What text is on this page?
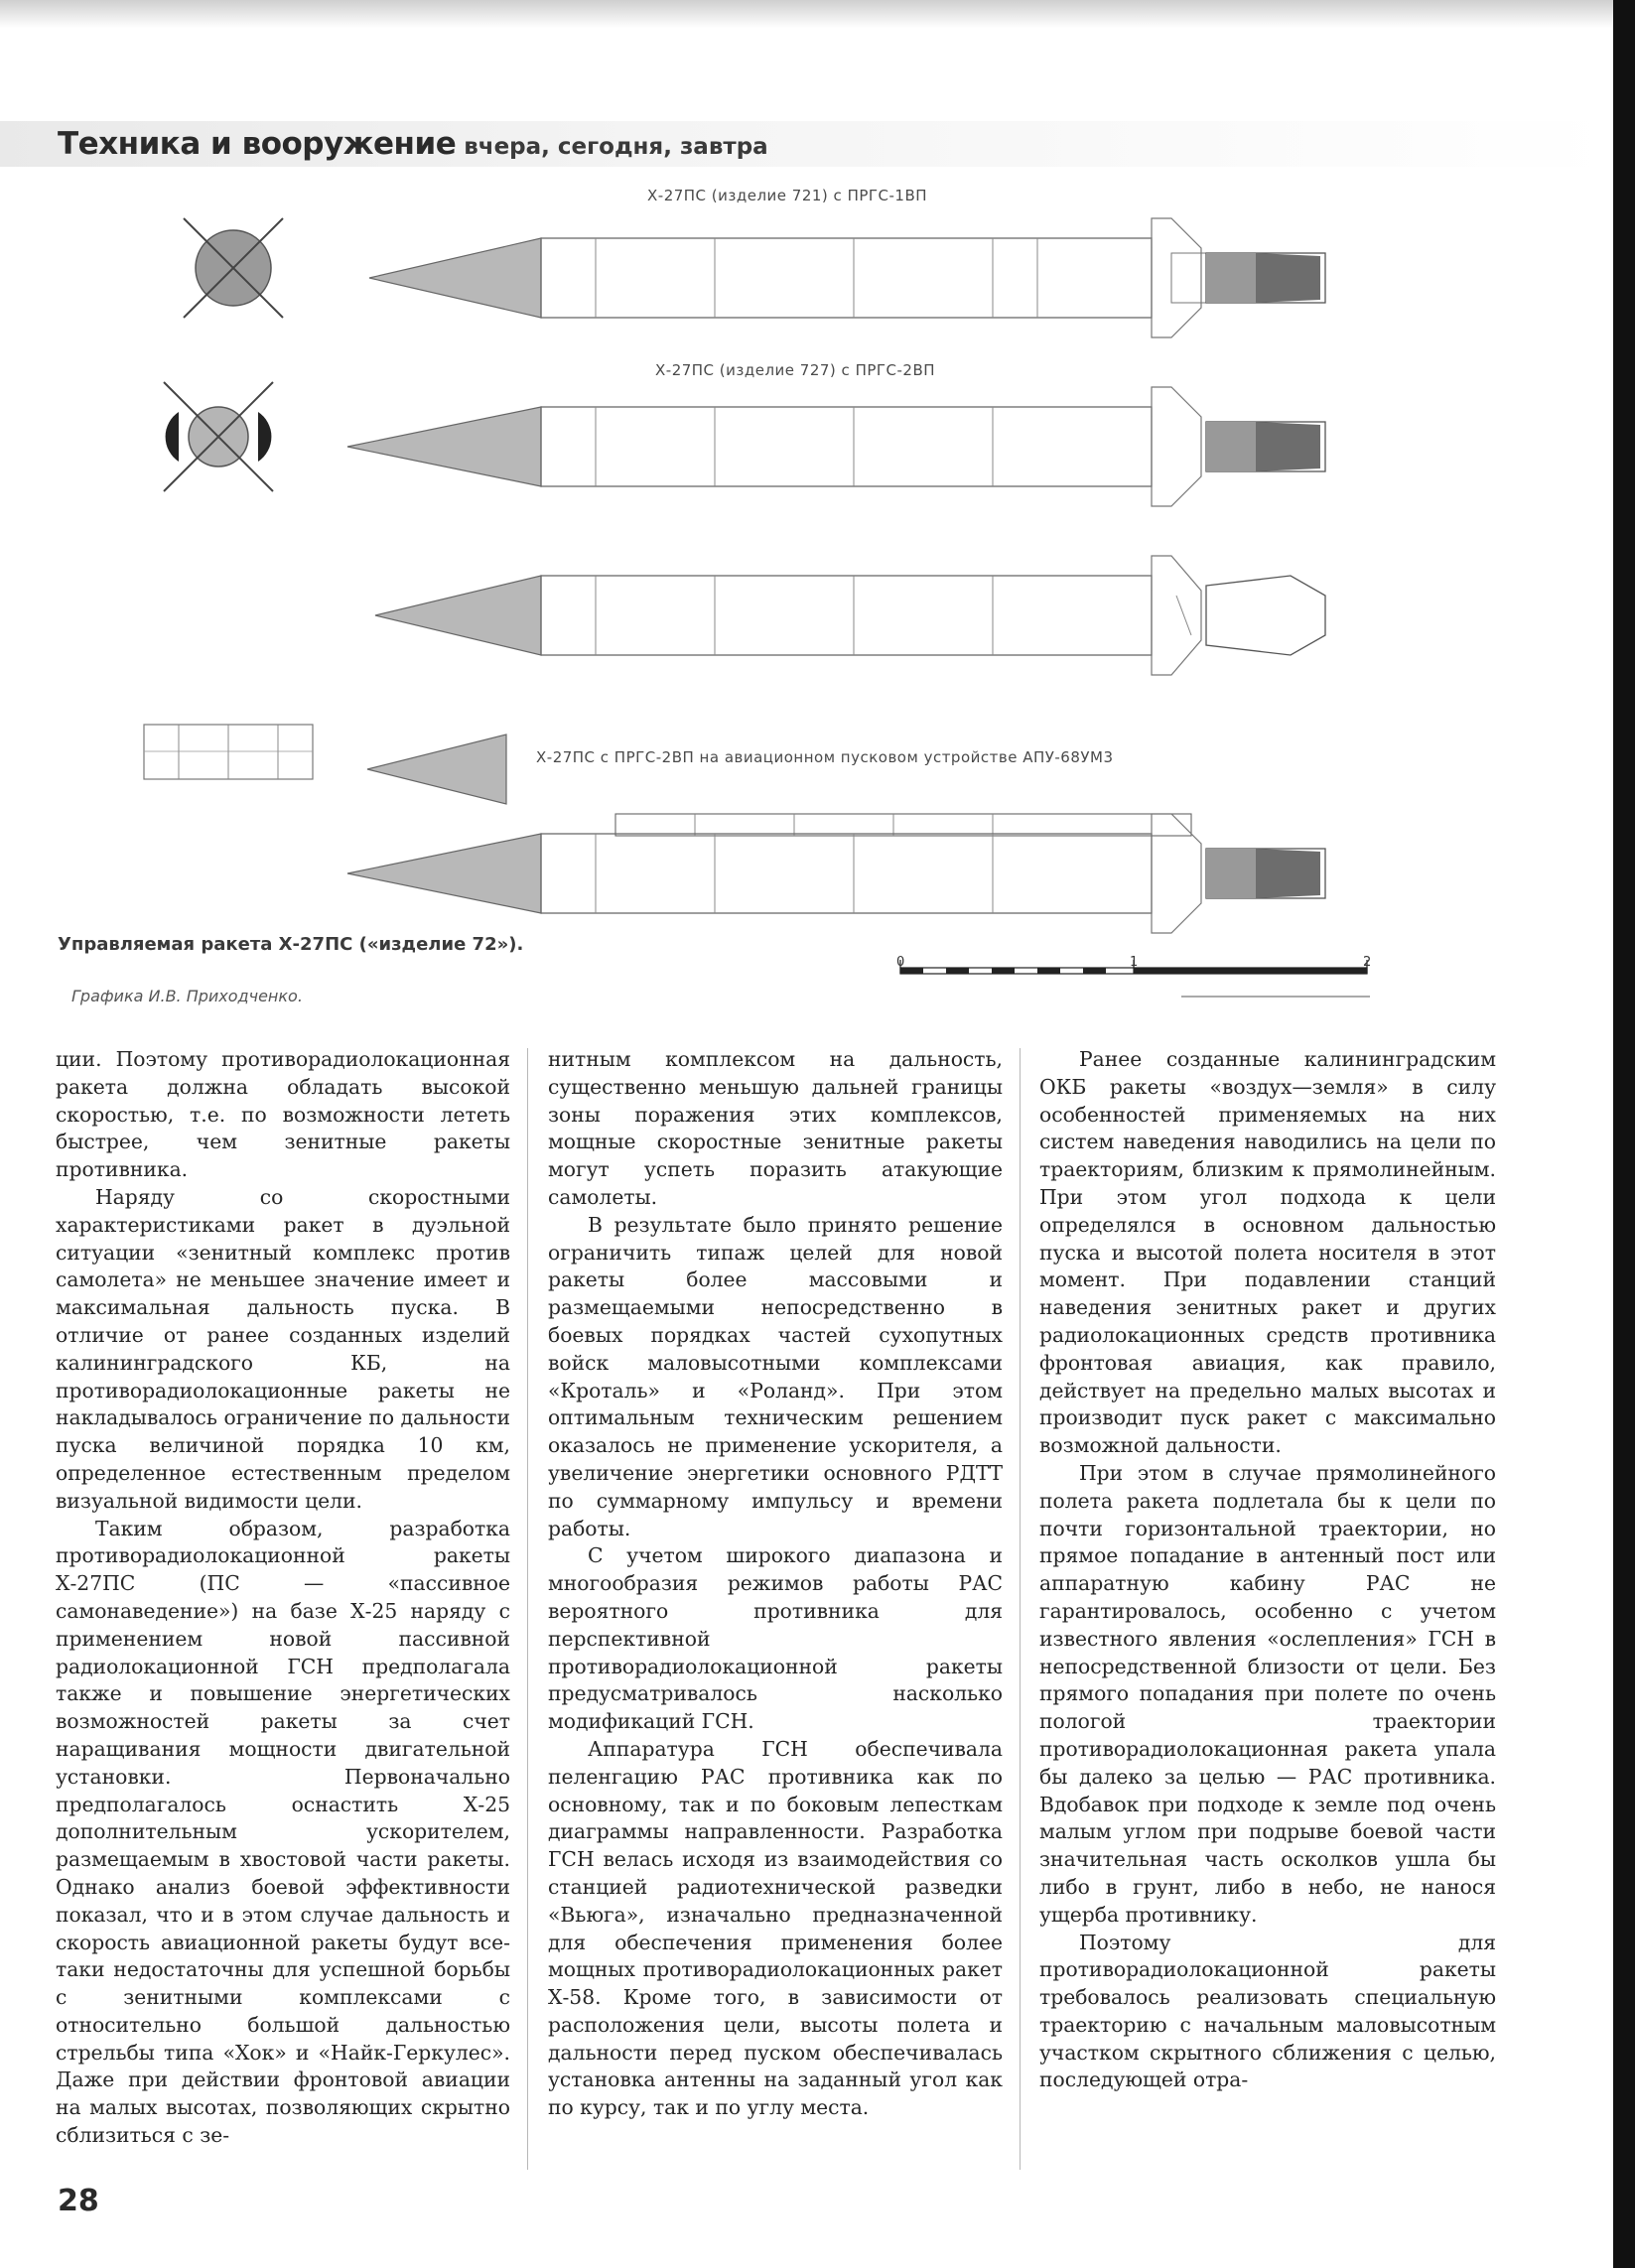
Техника и вооружение вчера, сегодня, завтра
Х-27ПС (изделие 721) с ПРГС-1ВП
Х-27ПС (изделие 727) с ПРГС-2ВП
Х-27ПС с ПРГС-2ВП на авиационном пусковом устройстве АПУ-68УМ3
0	1	2
Управляемая ракета Х-27ПС («изделие 72»).
Графика И.В. Приходченко.

ции. Поэтому противорадиолокационная ракета должна обладать высокой скоростью, т.е. по возможности лететь быстрее, чем зенитные ракеты противника.

Наряду со скоростными характеристиками ракет в дуэльной ситуации «зенитный комплекс против самолета» не меньшее значение имеет и максимальная дальность пуска. В отличие от ранее созданных изделий калининградского КБ, на противорадиолокационные ракеты не накладывалось ограничение по дальности пуска величиной порядка 10 км, определенное естественным пределом визуальной видимости цели.

Таким образом, разработка противорадиолокационной ракеты Х-27ПС (ПС — «пассивное самонаведение») на базе Х-25 наряду с применением новой пассивной радиолокационной ГСН предполагала также и повышение энергетических возможностей ракеты за счет наращивания мощности двигательной установки. Первоначально предполагалось оснастить Х-25 дополнительным ускорителем, размещаемым в хвостовой части ракеты. Однако анализ боевой эффективности показал, что и в этом случае дальность и скорость авиационной ракеты будут все-таки недостаточны для успешной борьбы с зенитными комплексами с относительно большой дальностью стрельбы типа «Хок» и «Найк-Геркулес». Даже при действии фронтовой авиации на малых высотах, позволяющих скрытно сблизиться с зе-

нитным комплексом на дальность, существенно меньшую дальней границы зоны поражения этих комплексов, мощные скоростные зенитные ракеты могут успеть поразить атакующие самолеты.

В результате было принято решение ограничить типаж целей для новой ракеты более массовыми и размещаемыми непосредственно в боевых порядках частей сухопутных войск маловысотными комплексами «Кроталь» и «Роланд». При этом оптимальным техническим решением оказалось не применение ускорителя, а увеличение энергетики основного РДТТ по суммарному импульсу и времени работы.

С учетом широкого диапазона и многообразия режимов работы РАС вероятного противника для перспективной противорадиолокационной ракеты предусматривалось насколько модификаций ГСН.

Аппаратура ГСН обеспечивала пеленгацию РАС противника как по основному, так и по боковым лепесткам диаграммы направленности. Разработка ГСН велась исходя из взаимодействия со станцией радиотехнической разведки «Вьюга», изначально предназначенной для обеспечения применения более мощных противорадиолокационных ракет Х-58. Кроме того, в зависимости от расположения цели, высоты полета и дальности перед пуском обеспечивалась установка антенны на заданный угол как по курсу, так и по углу места.

Ранее созданные калининградским ОКБ ракеты «воздух—земля» в силу особенностей применяемых на них систем наведения наводились на цели по траекториям, близким к прямолинейным. При этом угол подхода к цели определялся в основном дальностью пуска и высотой полета носителя в этот момент. При подавлении станций наведения зенитных ракет и других радиолокационных средств противника фронтовая авиация, как правило, действует на предельно малых высотах и производит пуск ракет с максимально возможной дальности.

При этом в случае прямолинейного полета ракета подлетала бы к цели по почти горизонтальной траектории, но прямое попадание в антенный пост или аппаратную кабину РАС не гарантировалось, особенно с учетом известного явления «ослепления» ГСН в непосредственной близости от цели. Без прямого попадания при полете по очень пологой траектории противорадиолокационная ракета упала бы далеко за целью — РАС противника. Вдобавок при подходе к земле под очень малым углом при подрыве боевой части значительная часть осколков ушла бы либо в грунт, либо в небо, не нанося ущерба противнику.

Поэтому для противорадиолокационной ракеты требовалось реализовать специальную траекторию с начальным маловысотным участком скрытного сближения с целью, последующей отра-

28
